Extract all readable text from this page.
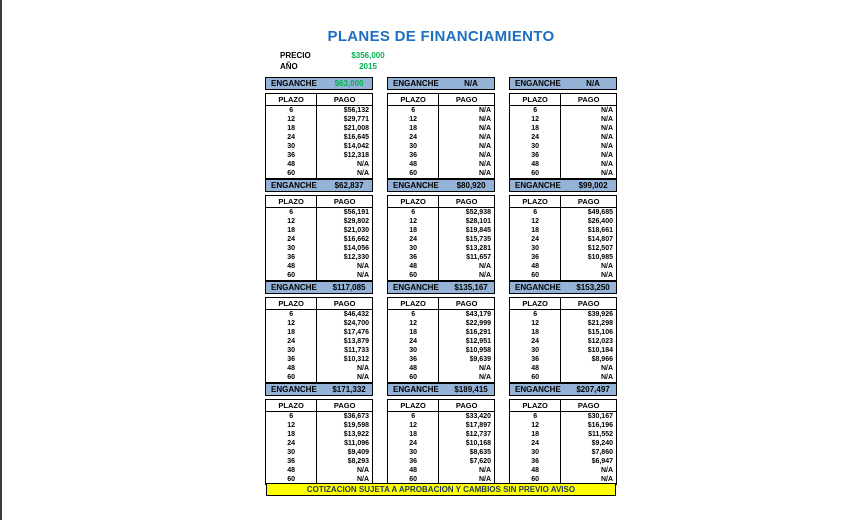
PLANES DE FINANCIAMIENTO
PRECIO	$356,000
AÑO	2015
ENGANCHE	$63,000
PLAZO	PAGO
6	$56,132
12	$29,771
18	$21,008
24	$16,645
30	$14,042
36	$12,318
48	N/A
60	N/A
ENGANCHE	N/A
PLAZO	PAGO
6	N/A
12	N/A
18	N/A
24	N/A
30	N/A
36	N/A
48	N/A
60	N/A
ENGANCHE	N/A
PLAZO	PAGO
6	N/A
12	N/A
18	N/A
24	N/A
30	N/A
36	N/A
48	N/A
60	N/A
ENGANCHE	$62,837
PLAZO	PAGO
6	$56,191
12	$29,802
18	$21,030
24	$16,662
30	$14,056
36	$12,330
48	N/A
60	N/A
ENGANCHE	$80,920
PLAZO	PAGO
6	$52,938
12	$28,101
18	$19,845
24	$15,735
30	$13,281
36	$11,657
48	N/A
60	N/A
ENGANCHE	$99,002
PLAZO	PAGO
6	$49,685
12	$26,400
18	$18,661
24	$14,807
30	$12,507
36	$10,985
48	N/A
60	N/A
ENGANCHE	$117,085
PLAZO	PAGO
6	$46,432
12	$24,700
18	$17,476
24	$13,879
30	$11,733
36	$10,312
48	N/A
60	N/A
ENGANCHE	$135,167
PLAZO	PAGO
6	$43,179
12	$22,999
18	$16,291
24	$12,951
30	$10,958
36	$9,639
48	N/A
60	N/A
ENGANCHE	$153,250
PLAZO	PAGO
6	$39,926
12	$21,298
18	$15,106
24	$12,023
30	$10,184
36	$8,966
48	N/A
60	N/A
ENGANCHE	$171,332
PLAZO	PAGO
6	$36,673
12	$19,598
18	$13,922
24	$11,096
30	$9,409
36	$8,293
48	N/A
60	N/A
ENGANCHE	$189,415
PLAZO	PAGO
6	$33,420
12	$17,897
18	$12,737
24	$10,168
30	$8,635
36	$7,620
48	N/A
60	N/A
ENGANCHE	$207,497
PLAZO	PAGO
6	$30,167
12	$16,196
18	$11,552
24	$9,240
30	$7,860
36	$6,947
48	N/A
60	N/A
COTIZACION SUJETA A APROBACION Y CAMBIOS SIN PREVIO AVISO
